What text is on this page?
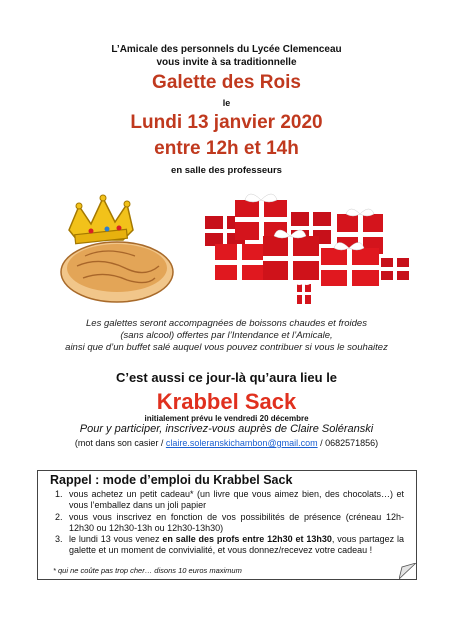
L’Amicale des personnels du Lycée Clemenceau
vous invite à sa traditionnelle
Galette des Rois
le
Lundi 13 janvier 2020
entre 12h et 14h
en salle des professeurs
Les galettes seront accompagnées de boissons chaudes et froides
(sans alcool) offertes par l’Intendance et l’Amicale,
ainsi que d’un buffet salé auquel vous pouvez contribuer si vous le souhaitez
C’est aussi ce jour-là qu’aura lieu le
Krabbel Sack
initialement prévu le vendredi 20 décembre
Pour y participer, inscrivez-vous auprès de Claire Soléranski
(mot dans son casier / claire.soleranskichambon@gmail.com / 0682571856)
Rappel : mode d’emploi du Krabbel Sack
1. vous achetez un petit cadeau* (un livre que vous aimez bien, des chocolats…) et vous l’emballez dans un joli papier
2. vous vous inscrivez en fonction de vos possibilités de présence (créneau 12h-12h30 ou 12h30-13h ou 12h30-13h30)
3. le lundi 13 vous venez en salle des profs entre 12h30 et 13h30, vous partagez la galette et un moment de convivialité, et vous donnez/recevez votre cadeau !
* qui ne coûte pas trop cher… disons 10 euros maximum
